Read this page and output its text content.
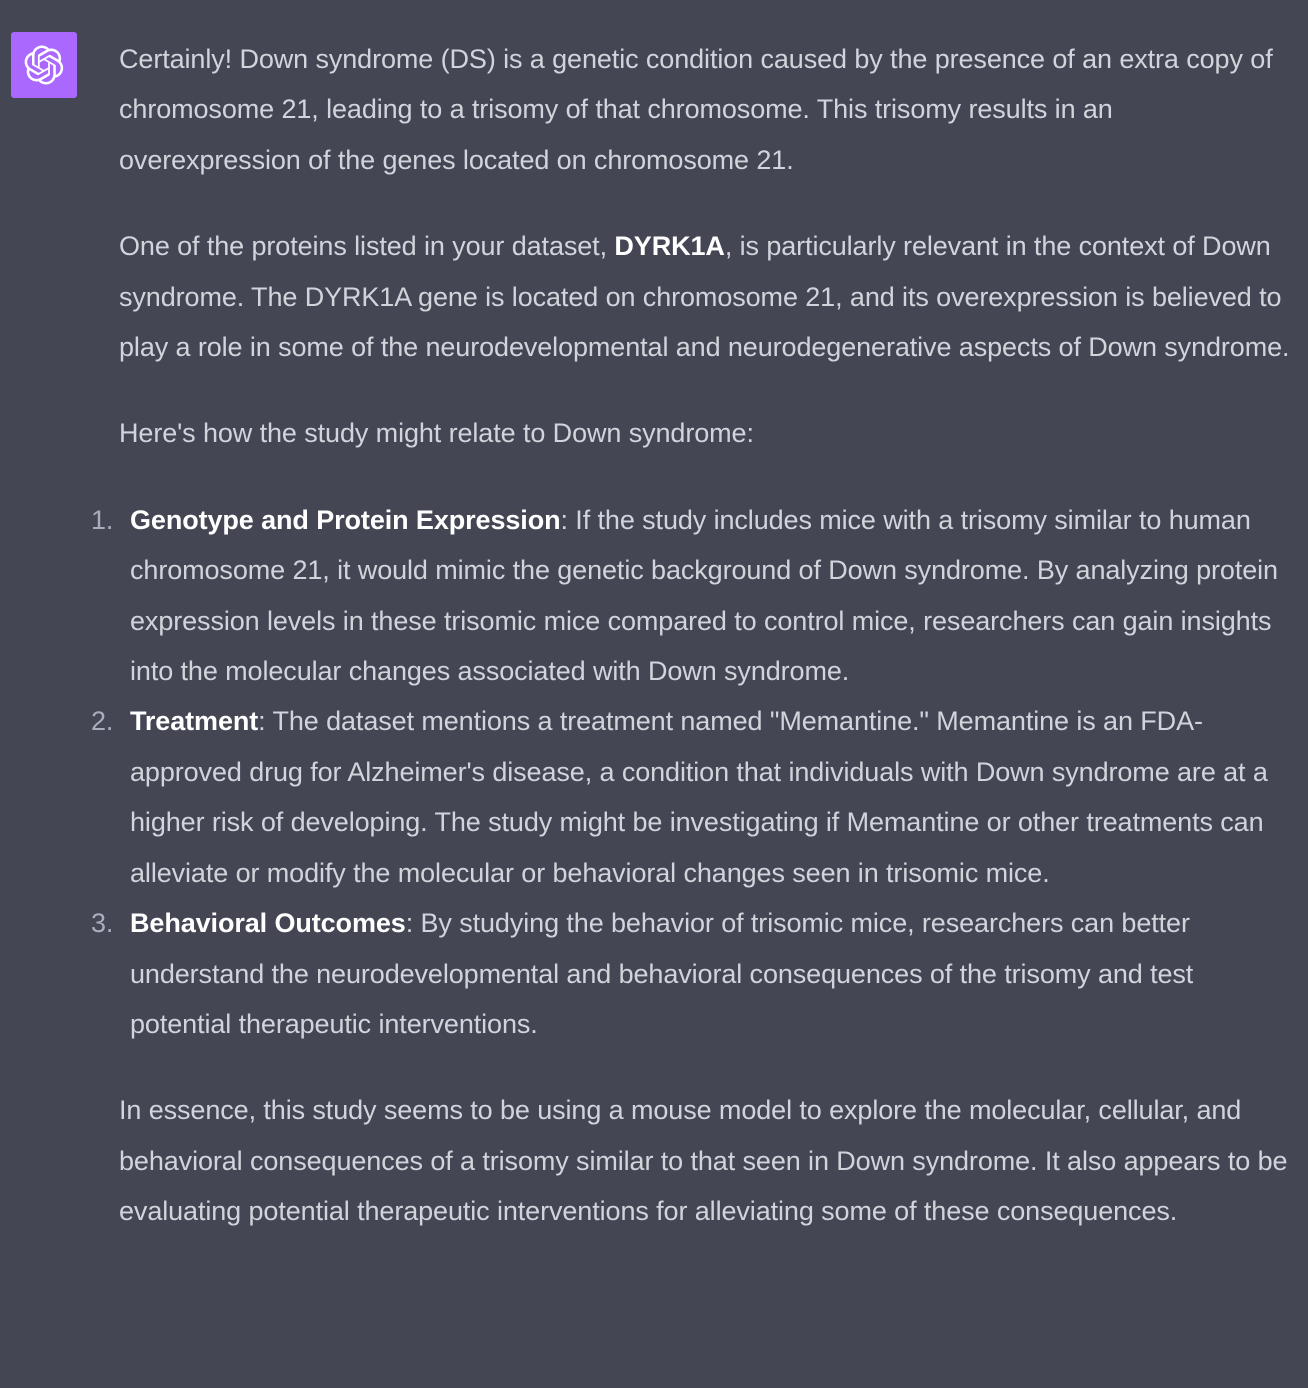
Certainly! Down syndrome (DS) is a genetic condition caused by the presence of an extra copy of chromosome 21, leading to a trisomy of that chromosome. This trisomy results in an overexpression of the genes located on chromosome 21.

One of the proteins listed in your dataset, DYRK1A, is particularly relevant in the context of Down syndrome. The DYRK1A gene is located on chromosome 21, and its overexpression is believed to play a role in some of the neurodevelopmental and neurodegenerative aspects of Down syndrome.

Here's how the study might relate to Down syndrome:

1. Genotype and Protein Expression: If the study includes mice with a trisomy similar to human chromosome 21, it would mimic the genetic background of Down syndrome. By analyzing protein expression levels in these trisomic mice compared to control mice, researchers can gain insights into the molecular changes associated with Down syndrome.
2. Treatment: The dataset mentions a treatment named "Memantine." Memantine is an FDA-approved drug for Alzheimer's disease, a condition that individuals with Down syndrome are at a higher risk of developing. The study might be investigating if Memantine or other treatments can alleviate or modify the molecular or behavioral changes seen in trisomic mice.
3. Behavioral Outcomes: By studying the behavior of trisomic mice, researchers can better understand the neurodevelopmental and behavioral consequences of the trisomy and test potential therapeutic interventions.

In essence, this study seems to be using a mouse model to explore the molecular, cellular, and behavioral consequences of a trisomy similar to that seen in Down syndrome. It also appears to be evaluating potential therapeutic interventions for alleviating some of these consequences.
